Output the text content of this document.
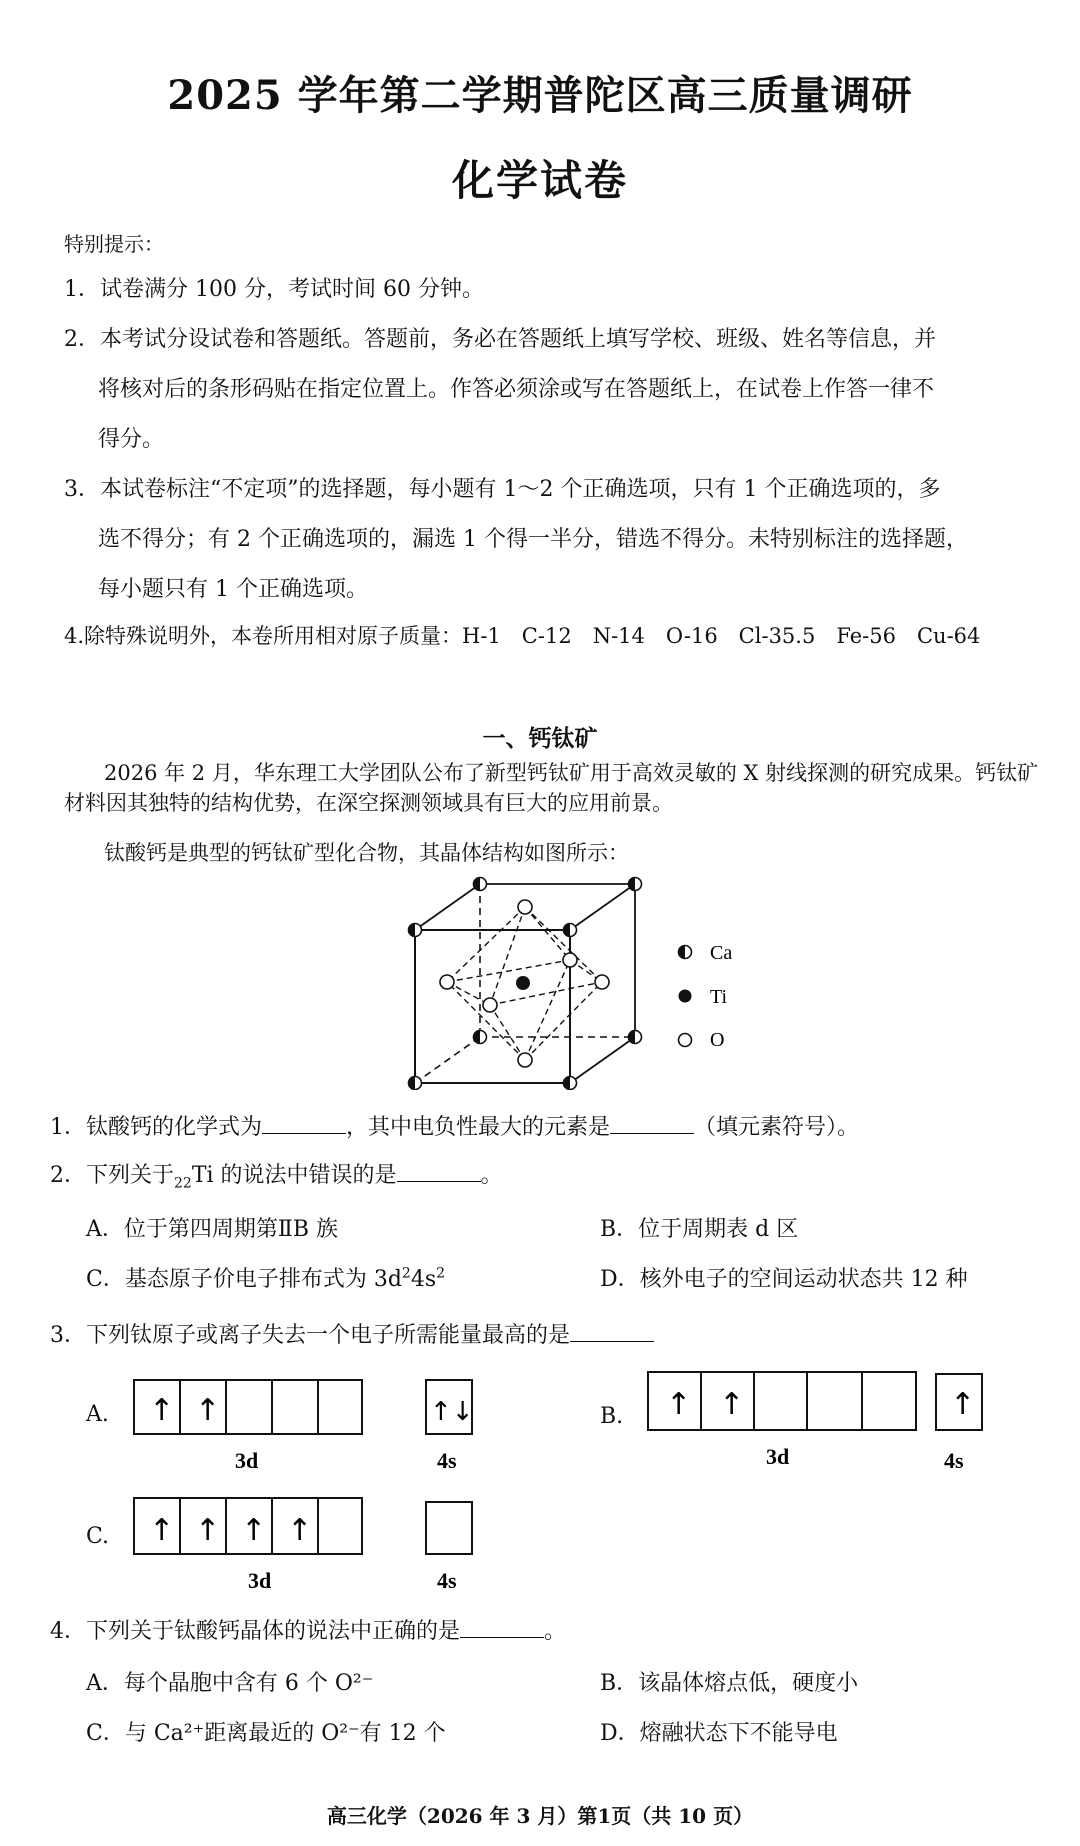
2025 学年第二学期普陀区高三质量调研
化学试卷
特别提示：
1．试卷满分 100 分，考试时间 60 分钟。
2．本考试分设试卷和答题纸。答题前，务必在答题纸上填写学校、班级、姓名等信息，并
将核对后的条形码贴在指定位置上。作答必须涂或写在答题纸上，在试卷上作答一律不
得分。
3．本试卷标注“不定项”的选择题，每小题有 1～2 个正确选项，只有 1 个正确选项的，多
选不得分；有 2 个正确选项的，漏选 1 个得一半分，错选不得分。未特别标注的选择题，
每小题只有 1 个正确选项。
4.除特殊说明外，本卷所用相对原子质量：H-1　C-12　N-14　O-16　Cl-35.5　Fe-56　Cu-64
一、钙钛矿
2026 年 2 月，华东理工大学团队公布了新型钙钛矿用于高效灵敏的 X 射线探测的研究成果。钙钛矿材料因其独特的结构优势，在深空探测领域具有巨大的应用前景。
钛酸钙是典型的钙钛矿型化合物，其晶体结构如图所示：
Ca
Ti
O
1．钛酸钙的化学式为	，其中电负性最大的元素是	（填元素符号）。
2．下列关于$_{22}$Ti 的说法中错误的是	。
A．位于第四周期第ⅡB 族	B．位于周期表 d 区
C．基态原子价电子排布式为 $3d^24s^2$	D．核外电子的空间运动状态共 12 种
3．下列钛原子或离子失去一个电子所需能量最高的是
A. ↑ ↑	↑↓
3d	4s
B. ↑ ↑	↑
3d	4s
C. ↑ ↑ ↑ ↑
3d	4s
4．下列关于钛酸钙晶体的说法中正确的是	。
A．每个晶胞中含有 6 个 O²⁻	B．该晶体熔点低，硬度小
C．与 Ca²⁺距离最近的 O²⁻有 12 个	D．熔融状态下不能导电
高三化学（2026 年 3 月）第1页（共 10 页）
